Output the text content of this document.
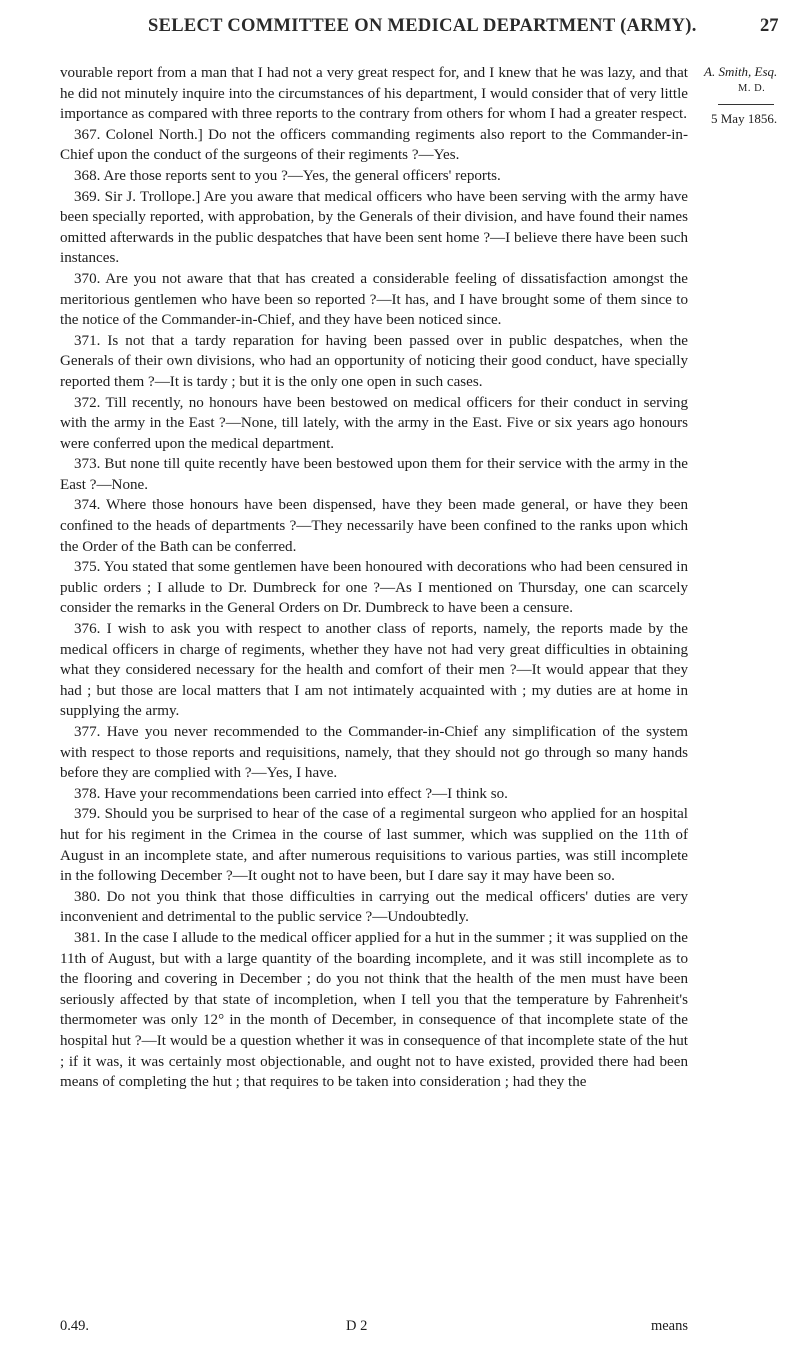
SELECT COMMITTEE ON MEDICAL DEPARTMENT (ARMY).	27

vourable report from a man that I had not a very great respect for, and I knew that he was lazy, and that he did not minutely inquire into the circumstances of his department, I would consider that of very little importance as compared with three reports to the contrary from others for whom I had a greater respect.

367. Colonel North.] Do not the officers commanding regiments also report to the Commander-in-Chief upon the conduct of the surgeons of their regiments ?—Yes.

368. Are those reports sent to you ?—Yes, the general officers' reports.

369. Sir J. Trollope.] Are you aware that medical officers who have been serving with the army have been specially reported, with approbation, by the Generals of their division, and have found their names omitted afterwards in the public despatches that have been sent home ?—I believe there have been such instances.

370. Are you not aware that that has created a considerable feeling of dissatisfaction amongst the meritorious gentlemen who have been so reported ?—It has, and I have brought some of them since to the notice of the Commander-in-Chief, and they have been noticed since.

371. Is not that a tardy reparation for having been passed over in public despatches, when the Generals of their own divisions, who had an opportunity of noticing their good conduct, have specially reported them ?—It is tardy ; but it is the only one open in such cases.

372. Till recently, no honours have been bestowed on medical officers for their conduct in serving with the army in the East ?—None, till lately, with the army in the East. Five or six years ago honours were conferred upon the medical department.

373. But none till quite recently have been bestowed upon them for their service with the army in the East ?—None.

374. Where those honours have been dispensed, have they been made general, or have they been confined to the heads of departments ?—They necessarily have been confined to the ranks upon which the Order of the Bath can be conferred.

375. You stated that some gentlemen have been honoured with decorations who had been censured in public orders ; I allude to Dr. Dumbreck for one ?—As I mentioned on Thursday, one can scarcely consider the remarks in the General Orders on Dr. Dumbreck to have been a censure.

376. I wish to ask you with respect to another class of reports, namely, the reports made by the medical officers in charge of regiments, whether they have not had very great difficulties in obtaining what they considered necessary for the health and comfort of their men ?—It would appear that they had ; but those are local matters that I am not intimately acquainted with ; my duties are at home in supplying the army.

377. Have you never recommended to the Commander-in-Chief any simplification of the system with respect to those reports and requisitions, namely, that they should not go through so many hands before they are complied with ?—Yes, I have.

378. Have your recommendations been carried into effect ?—I think so.

379. Should you be surprised to hear of the case of a regimental surgeon who applied for an hospital hut for his regiment in the Crimea in the course of last summer, which was supplied on the 11th of August in an incomplete state, and after numerous requisitions to various parties, was still incomplete in the following December ?—It ought not to have been, but I dare say it may have been so.

380. Do not you think that those difficulties in carrying out the medical officers' duties are very inconvenient and detrimental to the public service ?—Undoubtedly.

381. In the case I allude to the medical officer applied for a hut in the summer ; it was supplied on the 11th of August, but with a large quantity of the boarding incomplete, and it was still incomplete as to the flooring and covering in December ; do you not think that the health of the men must have been seriously affected by that state of incompletion, when I tell you that the temperature by Fahrenheit's thermometer was only 12° in the month of December, in consequence of that incomplete state of the hospital hut ?—It would be a question whether it was in consequence of that incomplete state of the hut ; if it was, it was certainly most objectionable, and ought not to have existed, provided there had been means of completing the hut ; that requires to be taken into consideration ; had they the

A. Smith, Esq.
M. D.
5 May 1856.
0.49.	D 2	means
